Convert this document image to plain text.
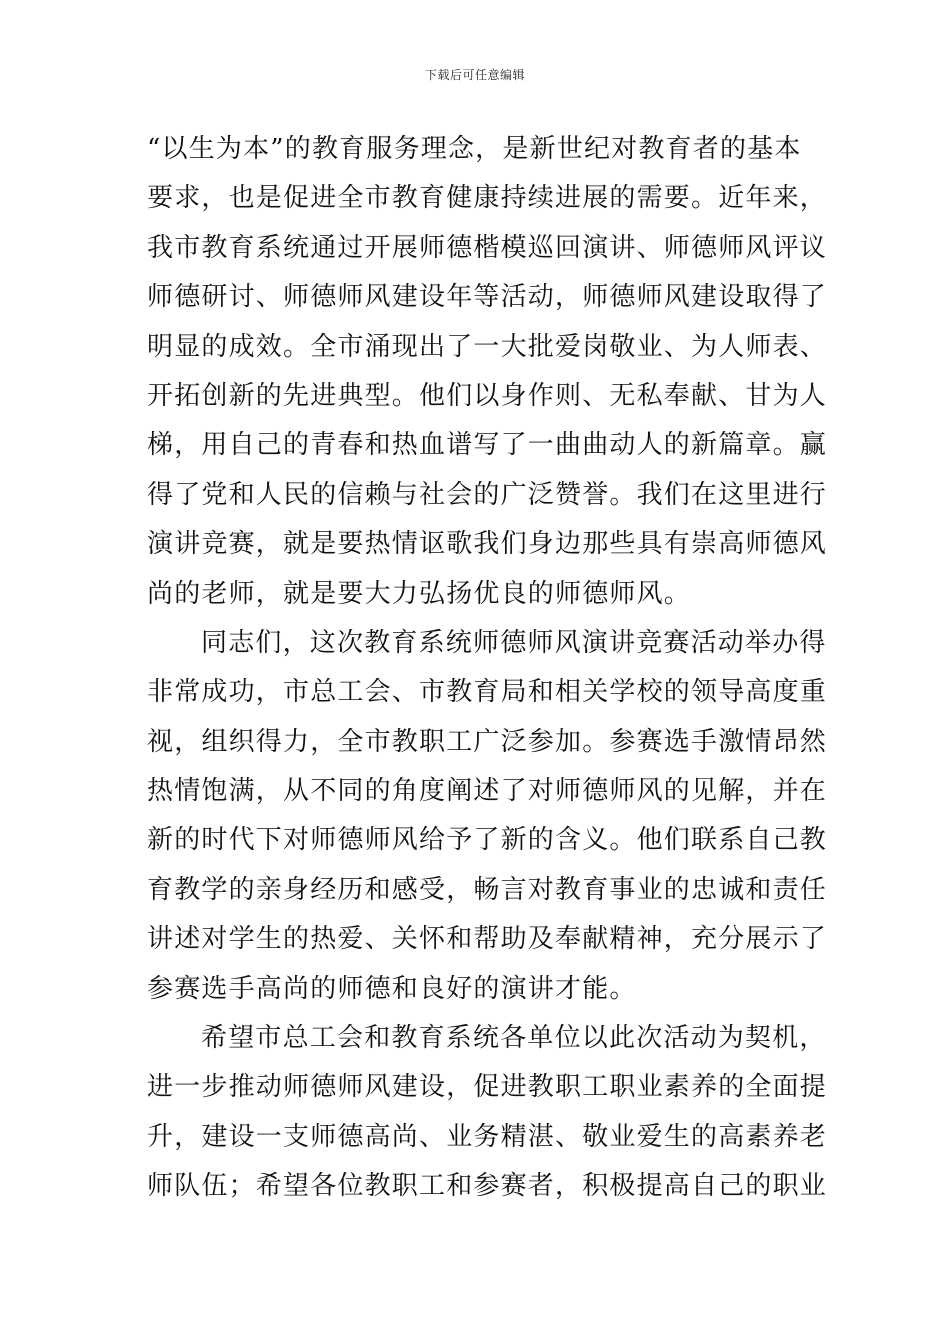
下载后可任意编辑
“以生为本”的教育服务理念，是新世纪对教育者的基本
要求，也是促进全市教育健康持续进展的需要。近年来，
我市教育系统通过开展师德楷模巡回演讲、师德师风评议
师德研讨、师德师风建设年等活动，师德师风建设取得了
明显的成效。全市涌现出了一大批爱岗敬业、为人师表、
开拓创新的先进典型。他们以身作则、无私奉献、甘为人
梯，用自己的青春和热血谱写了一曲曲动人的新篇章。赢
得了党和人民的信赖与社会的广泛赞誉。我们在这里进行
演讲竞赛，就是要热情讴歌我们身边那些具有崇高师德风
尚的老师，就是要大力弘扬优良的师德师风。
同志们，这次教育系统师德师风演讲竞赛活动举办得
非常成功，市总工会、市教育局和相关学校的领导高度重
视，组织得力，全市教职工广泛参加。参赛选手激情昂然
热情饱满，从不同的角度阐述了对师德师风的见解，并在
新的时代下对师德师风给予了新的含义。他们联系自己教
育教学的亲身经历和感受，畅言对教育事业的忠诚和责任
讲述对学生的热爱、关怀和帮助及奉献精神，充分展示了
参赛选手高尚的师德和良好的演讲才能。
希望市总工会和教育系统各单位以此次活动为契机，
进一步推动师德师风建设，促进教职工职业素养的全面提
升，建设一支师德高尚、业务精湛、敬业爱生的高素养老
师队伍；希望各位教职工和参赛者，积极提高自己的职业
